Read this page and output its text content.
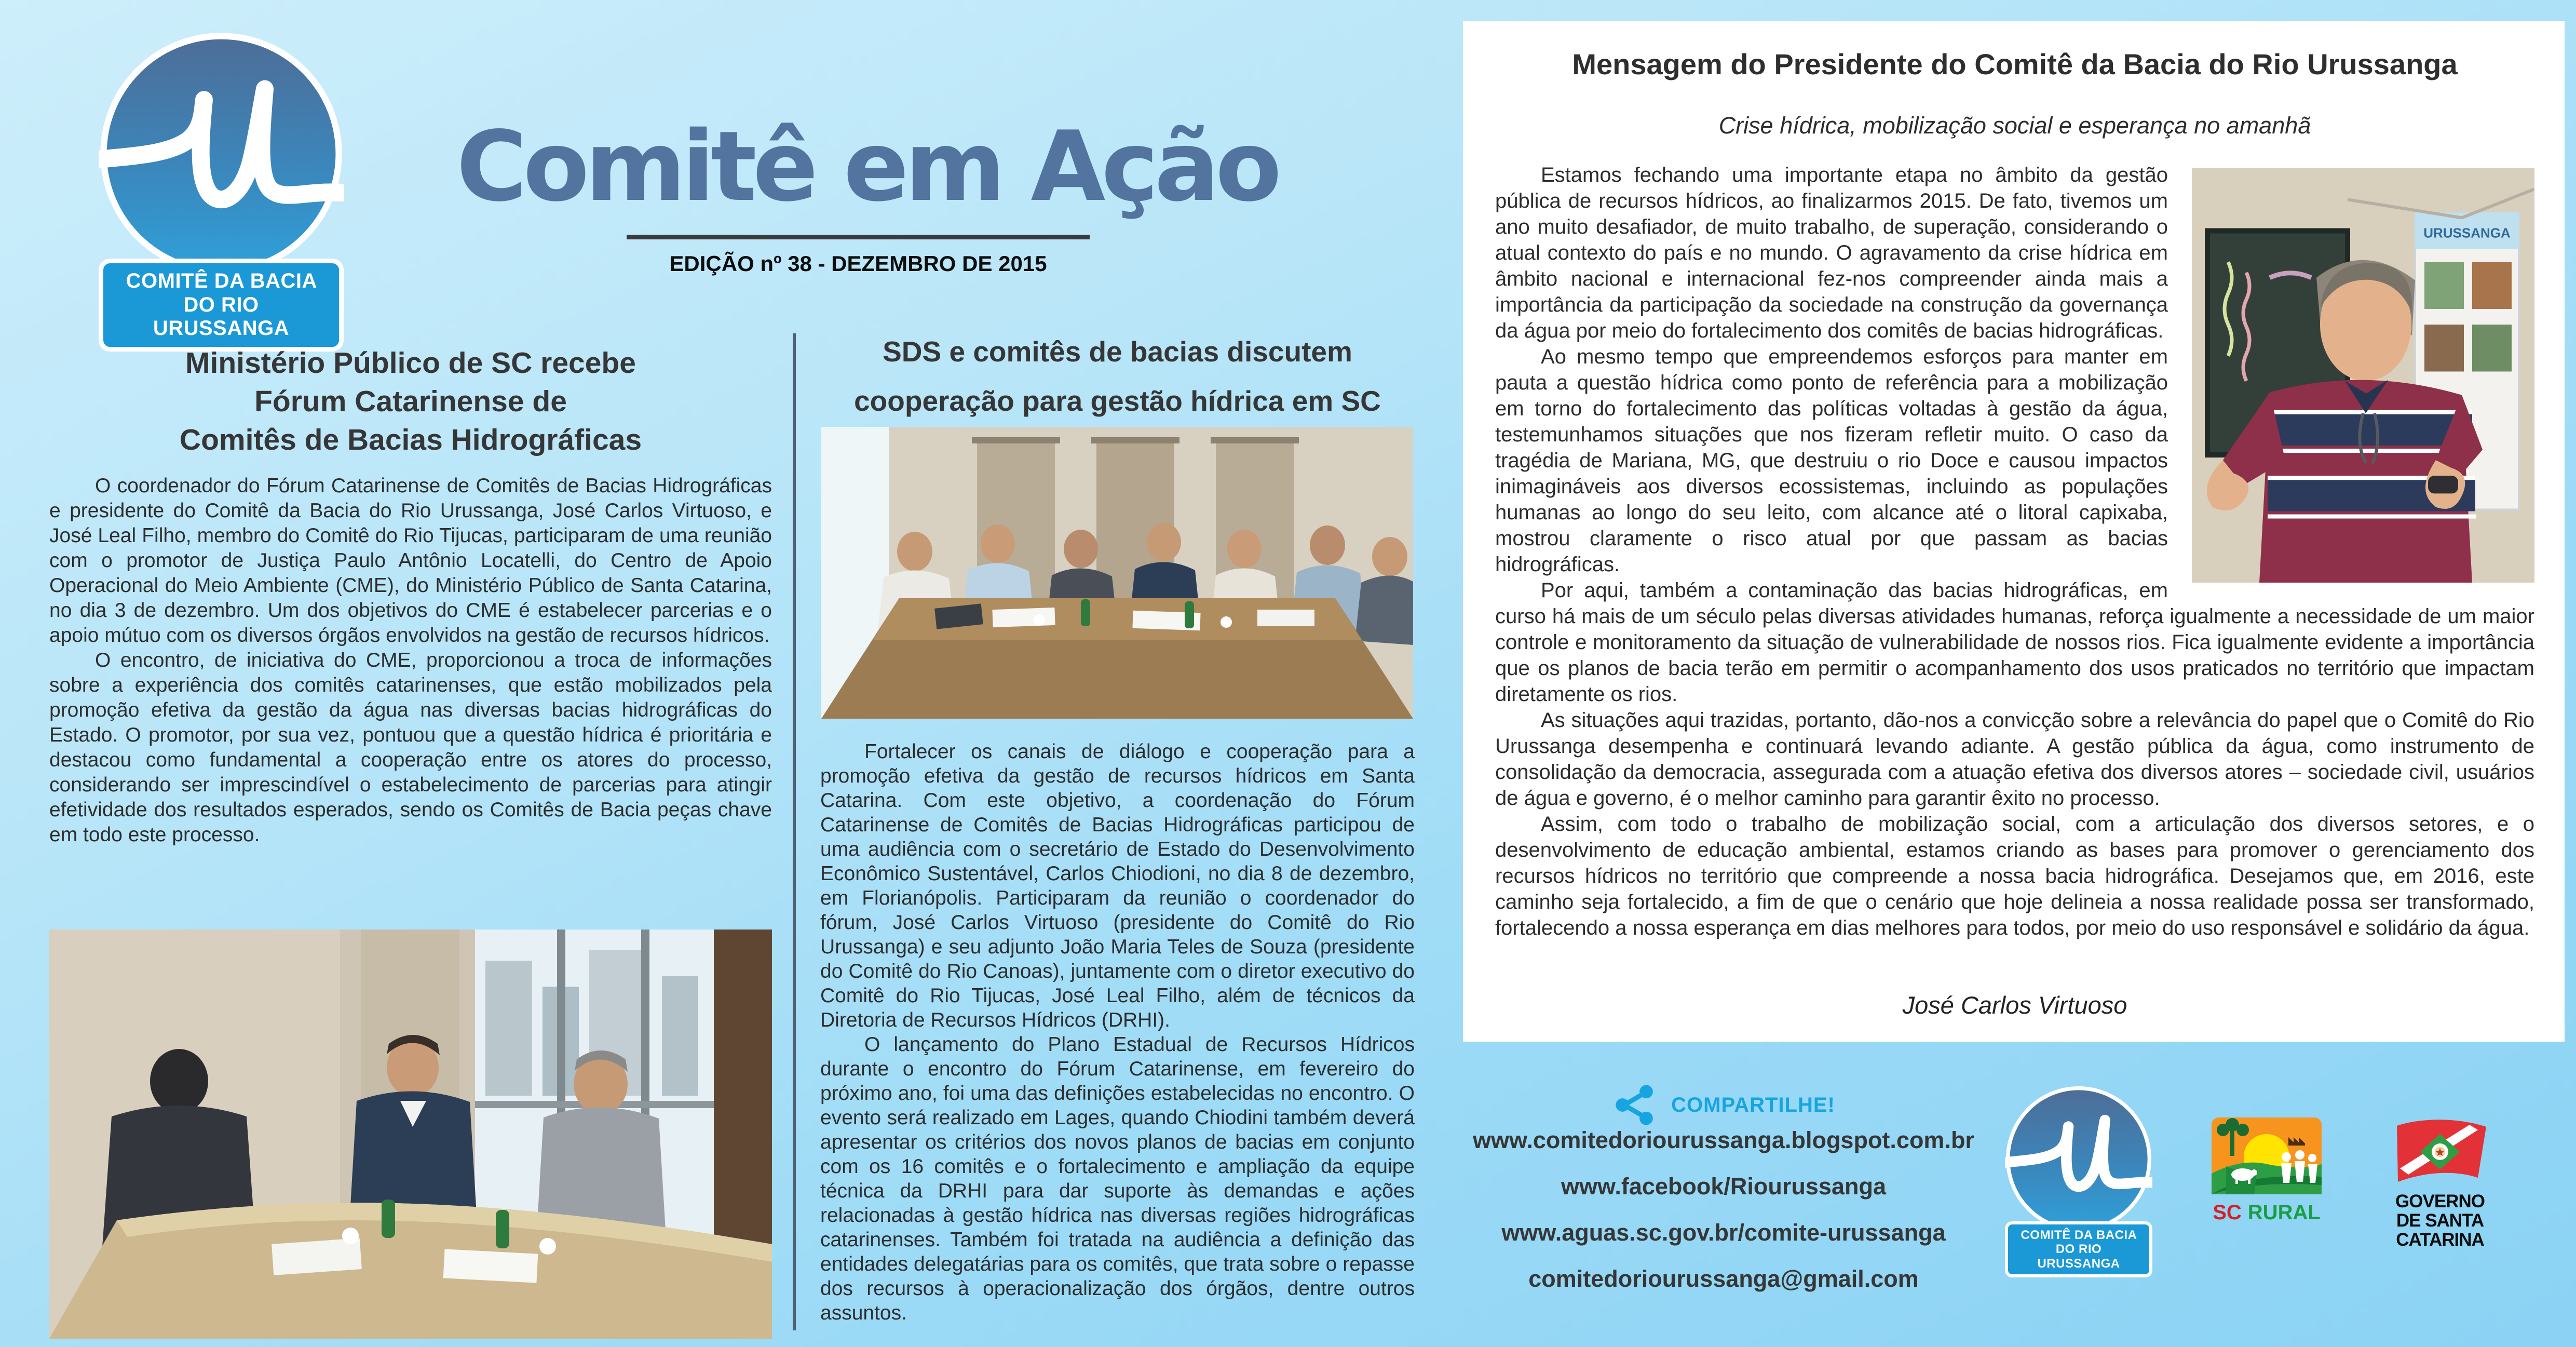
COMITÊ DA BACIA DO RIO URUSSANGA
Comitê em Ação
EDIÇÃO nº 38 - DEZEMBRO DE 2015
Ministério Público de SC recebe
Fórum Catarinense de
Comitês de Bacias Hidrográficas

O coordenador do Fórum Catarinense de Comitês de Bacias Hidrográficas e presidente do Comitê da Bacia do Rio Urussanga, José Carlos Virtuoso, e José Leal Filho, membro do Comitê do Rio Tijucas, participaram de uma reunião com o promotor de Justiça Paulo Antônio Locatelli, do Centro de Apoio Operacional do Meio Ambiente (CME), do Ministério Público de Santa Catarina, no dia 3 de dezembro. Um dos objetivos do CME é estabelecer parcerias e o apoio mútuo com os diversos órgãos envolvidos na gestão de recursos hídricos.

O encontro, de iniciativa do CME, proporcionou a troca de informações sobre a experiência dos comitês catarinenses, que estão mobilizados pela promoção efetiva da gestão da água nas diversas bacias hidrográficas do Estado. O promotor, por sua vez, pontuou que a questão hídrica é prioritária e destacou como fundamental a cooperação entre os atores do processo, considerando ser imprescindível o estabelecimento de parcerias para atingir efetividade dos resultados esperados, sendo os Comitês de Bacia peças chave em todo este processo.

SDS e comitês de bacias discutem
cooperação para gestão hídrica em SC

Fortalecer os canais de diálogo e cooperação para a promoção efetiva da gestão de recursos hídricos em Santa Catarina. Com este objetivo, a coordenação do Fórum Catarinense de Comitês de Bacias Hidrográficas participou de uma audiência com o secretário de Estado do Desenvolvimento Econômico Sustentável, Carlos Chiodioni, no dia 8 de dezembro, em Florianópolis. Participaram da reunião o coordenador do fórum, José Carlos Virtuoso (presidente do Comitê do Rio Urussanga) e seu adjunto João Maria Teles de Souza (presidente do Comitê do Rio Canoas), juntamente com o diretor executivo do Comitê do Rio Tijucas, José Leal Filho, além de técnicos da Diretoria de Recursos Hídricos (DRHI).

O lançamento do Plano Estadual de Recursos Hídricos durante o encontro do Fórum Catarinense, em fevereiro do próximo ano, foi uma das definições estabelecidas no encontro. O evento será realizado em Lages, quando Chiodini também deverá apresentar os critérios dos novos planos de bacias em conjunto com os 16 comitês e o fortalecimento e ampliação da equipe técnica da DRHI para dar suporte às demandas e ações relacionadas à gestão hídrica nas diversas regiões hidrográficas catarinenses. Também foi tratada na audiência a definição das entidades delegatárias para os comitês, que trata sobre o repasse dos recursos à operacionalização dos órgãos, dentre outros assuntos.

Mensagem do Presidente do Comitê da Bacia do Rio Urussanga
Crise hídrica, mobilização social e esperança no amanhã
URUSSANGA

Estamos fechando uma importante etapa no âmbito da gestão pública de recursos hídricos, ao finalizarmos 2015. De fato, tivemos um ano muito desafiador, de muito trabalho, de superação, considerando o atual contexto do país e no mundo. O agravamento da crise hídrica em âmbito nacional e internacional fez-nos compreender ainda mais a importância da participação da sociedade na construção da governança da água por meio do fortalecimento dos comitês de bacias hidrográficas.

Ao mesmo tempo que empreendemos esforços para manter em pauta a questão hídrica como ponto de referência para a mobilização em torno do fortalecimento das políticas voltadas à gestão da água, testemunhamos situações que nos fizeram refletir muito. O caso da tragédia de Mariana, MG, que destruiu o rio Doce e causou impactos inimagináveis aos diversos ecossistemas, incluindo as populações humanas ao longo do seu leito, com alcance até o litoral capixaba, mostrou claramente o risco atual por que passam as bacias hidrográficas.

Por aqui, também a contaminação das bacias hidrográficas, em curso há mais de um século pelas diversas atividades humanas, reforça igualmente a necessidade de um maior controle e monitoramento da situação de vulnerabilidade de nossos rios. Fica igualmente evidente a importância que os planos de bacia terão em permitir o acompanhamento dos usos praticados no território que impactam diretamente os rios.

As situações aqui trazidas, portanto, dão-nos a convicção sobre a relevância do papel que o Comitê do Rio Urussanga desempenha e continuará levando adiante. A gestão pública da água, como instrumento de consolidação da democracia, assegurada com a atuação efetiva dos diversos atores – sociedade civil, usuários de água e governo, é o melhor caminho para garantir êxito no processo.

Assim, com todo o trabalho de mobilização social, com a articulação dos diversos setores, e o desenvolvimento de educação ambiental, estamos criando as bases para promover o gerenciamento dos recursos hídricos no território que compreende a nossa bacia hidrográfica. Desejamos que, em 2016, este caminho seja fortalecido, a fim de que o cenário que hoje delineia a nossa realidade possa ser transformado, fortalecendo a nossa esperança em dias melhores para todos, por meio do uso responsável e solidário da água.

José Carlos Virtuoso
COMPARTILHE!
www.comitedoriourussanga.blogspot.com.br
www.facebook/Riourussanga
www.aguas.sc.gov.br/comite-urussanga
comitedoriourussanga@gmail.com
COMITÊ DA BACIA DO RIO URUSSANGA
SC RURAL	GOVERNO
DE SANTA
CATARINA
